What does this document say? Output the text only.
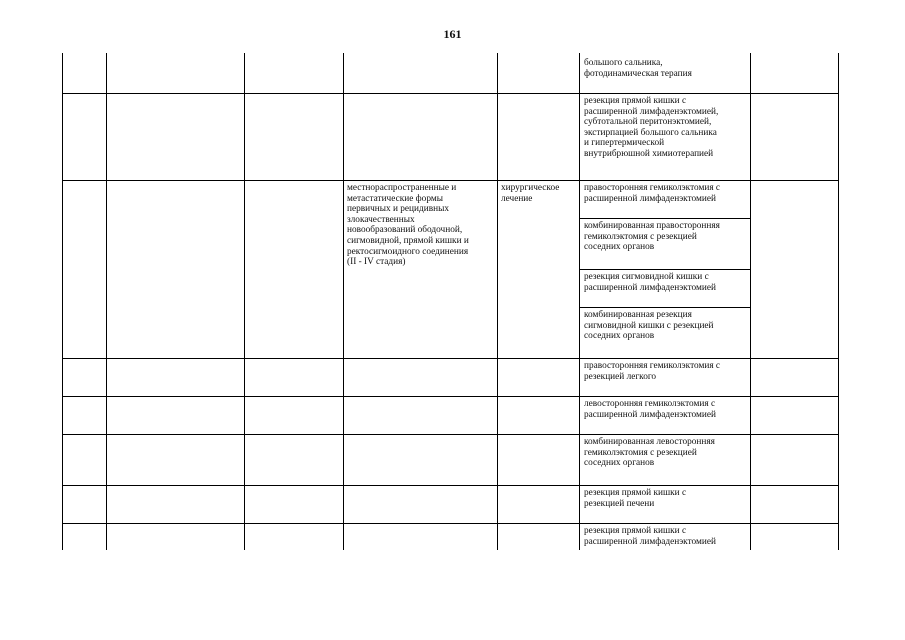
161
местнораспространенные и
метастатические формы
первичных и рецидивных
злокачественных
новообразований ободочной,
сигмовидной, прямой кишки и
ректосигмоидного соединения
(II - IV стадия)
хирургическое
лечение
большого сальника,
фотодинамическая терапия
резекция прямой кишки с
расширенной лимфаденэктомией,
субтотальной перитонэктомией,
экстирпацией большого сальника
и гипертермической
внутрибрюшной химиотерапией
правосторонняя гемиколэктомия с
расширенной лимфаденэктомией
комбинированная правосторонняя
гемиколэктомия с резекцией
соседних органов
резекция сигмовидной кишки с
расширенной лимфаденэктомией
комбинированная резекция
сигмовидной кишки с резекцией
соседних органов
правосторонняя гемиколэктомия с
резекцией легкого
левосторонняя гемиколэктомия с
расширенной лимфаденэктомией
комбинированная левосторонняя
гемиколэктомия с резекцией
соседних органов
резекция прямой кишки с
резекцией печени
резекция прямой кишки с
расширенной лимфаденэктомией
